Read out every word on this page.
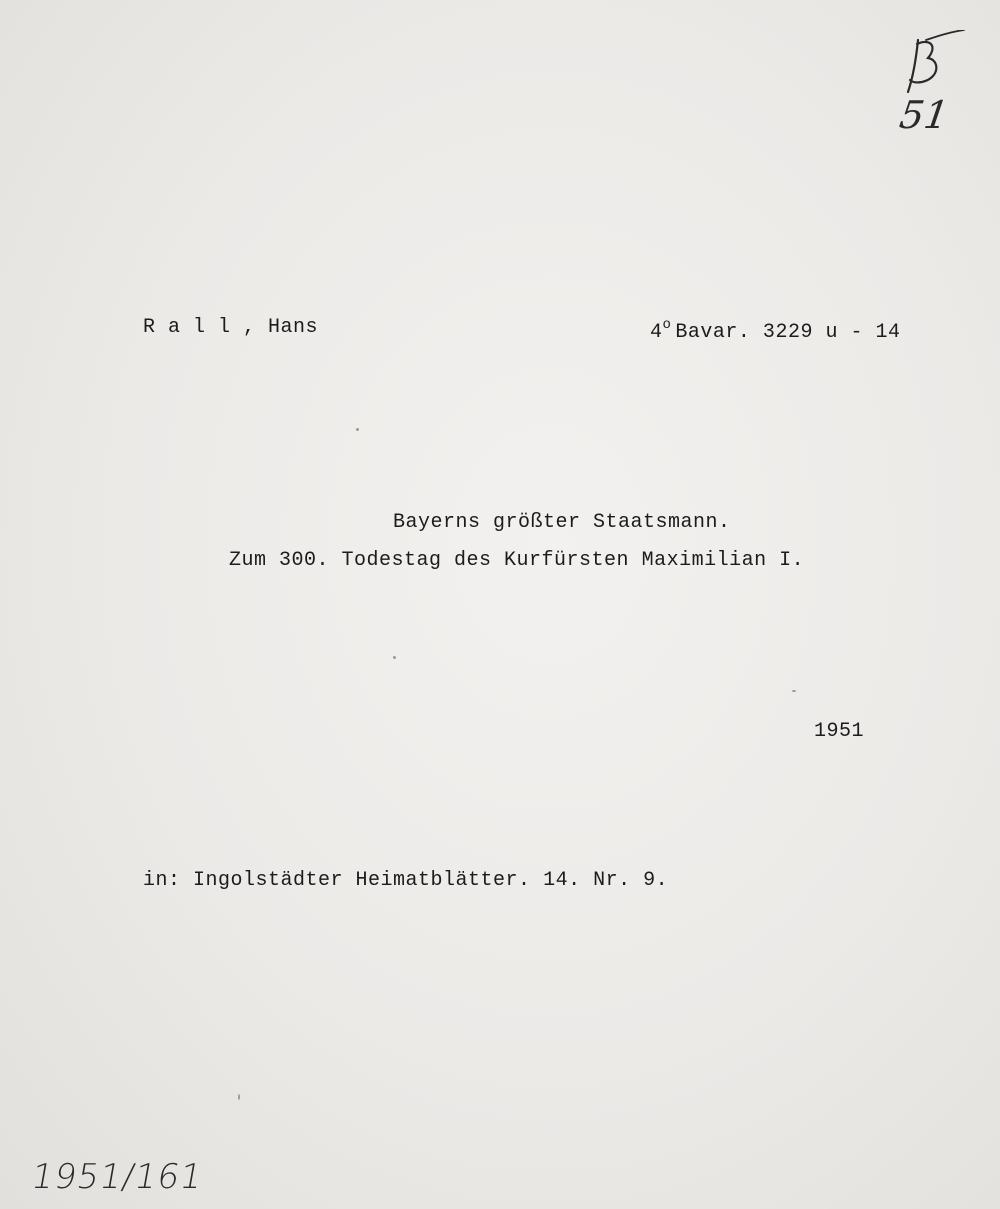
R a l l , Hans	4$^o$ Bavar. 3229 u - 14
Bayerns größter Staatsmann.
Zum 300. Todestag des Kurfürsten Maximilian I.
1951
in: Ingolstädter Heimatblätter. 14. Nr. 9.
51
1951/161
